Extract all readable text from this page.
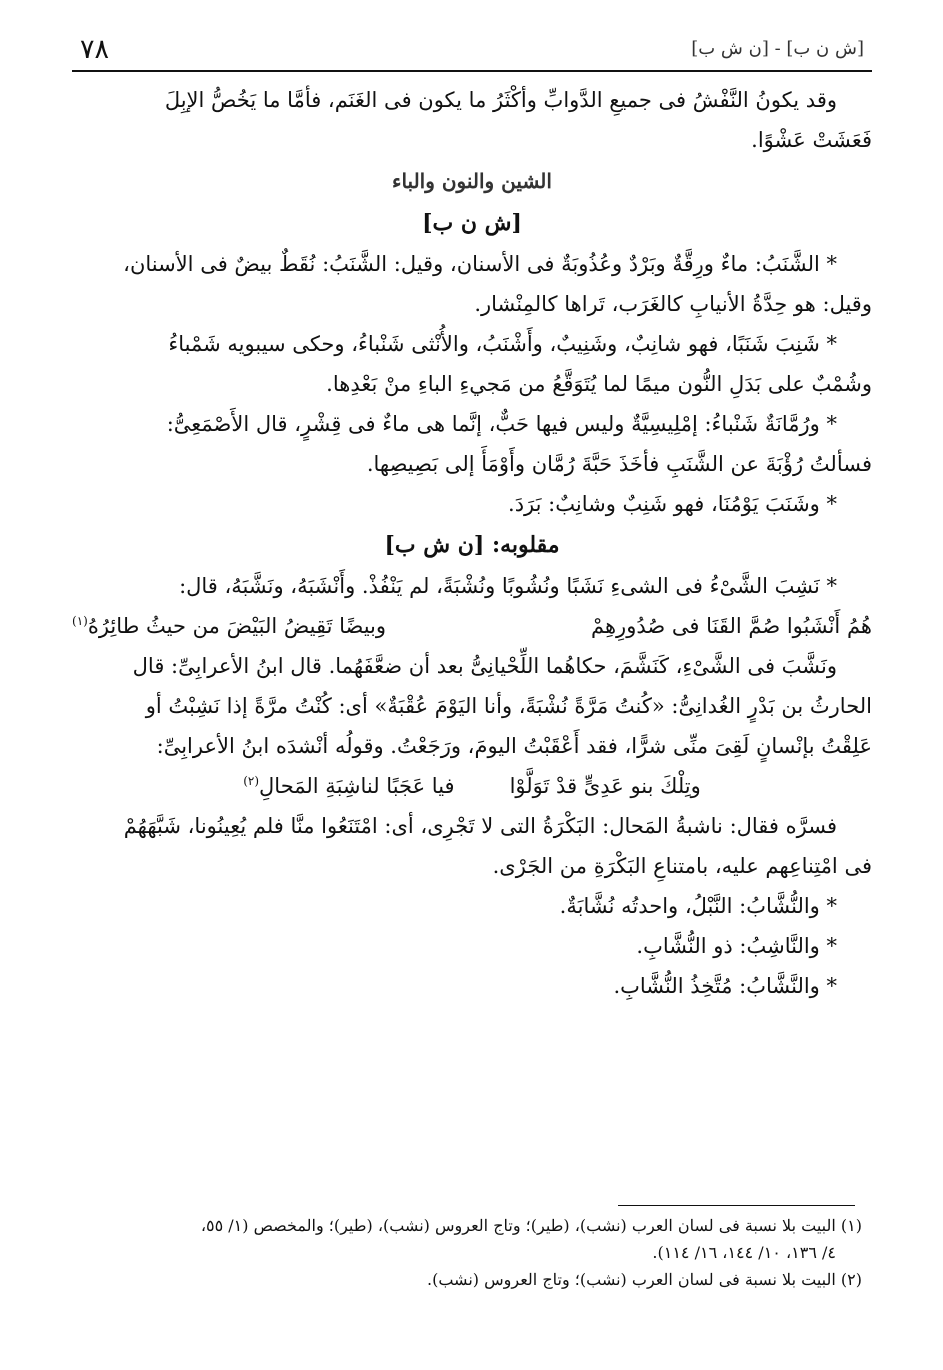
٧٨	[ش ن ب] - [ن ش ب]

وقد يكونُ النَّفْشُ فى جميعِ الدَّوابِّ وأكْثَرُ ما يكون فى الغَنَم، فأمَّا ما يَخُصُّ الإبِلَ

فَعَشَتْ عَشْوًا.

الشين والنون والباء

[ش ن ب]

* الشَّنَبُ: ماءٌ ورِقَّةٌ وبَرْدٌ وعُذُوبَةٌ فى الأسنان، وقيل: الشَّنَبُ: نُقَطٌ بيضٌ فى الأسنان،

وقيل: هو حِدَّةُ الأنيابِ كالغَرَب، تَراها كالمِنْشار.

* شَنِبَ شَنَبًا، فهو شانِبٌ، وشَنِيبٌ، وأَشْنَبُ، والأُنْثى شَنْباءُ، وحكى سيبويه شَمْباءُ

وشُمْبٌ على بَدَلِ النُّون ميمًا لما يُتَوَقَّعُ من مَجيءِ الباءِ منْ بَعْدِها.

* ورُمَّانَةٌ شَنْباءُ: إمْلِيسِيَّةٌ وليس فيها حَبٌّ، إنَّما هى ماءٌ فى قِشْرٍ، قال الأَصْمَعِىُّ:

فسألتُ رُؤْبَةَ عن الشَّنَبِ فأخَذَ حَبَّةَ رُمَّان وأَوْمَأَ إلى بَصِيصِها.

* وشَنَبَ يَوْمُنَا، فهو شَنِبٌ وشانِبٌ: بَرَدَ.

مقلوبه: [ن ش ب]

* نَشِبَ الشَّىْءُ فى الشىءِ نَشَبًا ونُشُوبًا ونُشْبَةً، لم يَنْفُذْ. وأَنْشَبَهُ، ونَشَّبَهُ، قال:

هُمُ أَنْشَبُوا صُمَّ القَنَا فى صُدُورِهِمْ
وبيضًا تَقِيضُ البَيْضَ من حيثُ طائِرُهُ$^{(١)}$

ونَشَّبَ فى الشَّىْءِ، كَنَشَّمَ، حكاهُما اللِّحْيانِىُّ بعد أن ضعَّفَهُما. قال ابنُ الأعرابِىِّ: قال

الحارثُ بن بَدْرٍ الغُدانِىُّ: «كُنتُ مَرَّةً نُشْبَةً، وأنا اليَوْمَ عُقْبَةٌ» أى: كُنْتُ مرَّةً إذا نَشِبْتُ أو

عَلِقْتُ بإنْسانٍ لَقِىَ منِّى شرًّا، فقد أَعْقَبْتُ اليومَ، ورَجَعْتُ. وقولُه أنْشدَه ابنُ الأعرابِىِّ:

وتِلْكَ بنو عَدِىٍّ قدْ تَوَلَّوْا
فيا عَجَبًا لناشِبَةِ المَحالِ$^{(٢)}$

فسرَّه فقال: ناشبةُ المَحال: البَكْرَةُ التى لا تَجْرِى، أى: امْتَنَعُوا منَّا فلم يُعِينُونا، شَبَّهَهُمْ

فى امْتِناعِهم عليه، بامتناعِ البَكْرَةِ من الجَرْى.

* والنُّشَّابُ: النَّبْلُ، واحدتُه نُشَّابَةٌ.

* والنَّاشِبُ: ذو النُّشَّابِ.

* والنَّشَّابُ: مُتَّخِذُ النُّشَّابِ.

(١) البيت بلا نسبة فى لسان العرب (نشب)، (طير)؛ وتاج العروس (نشب)، (طير)؛ والمخصص (١/ ٥٥،

٤/ ١٣٦، ١٠/ ١٤٤، ١٦/ ١١٤).

(٢) البيت بلا نسبة فى لسان العرب (نشب)؛ وتاج العروس (نشب).
